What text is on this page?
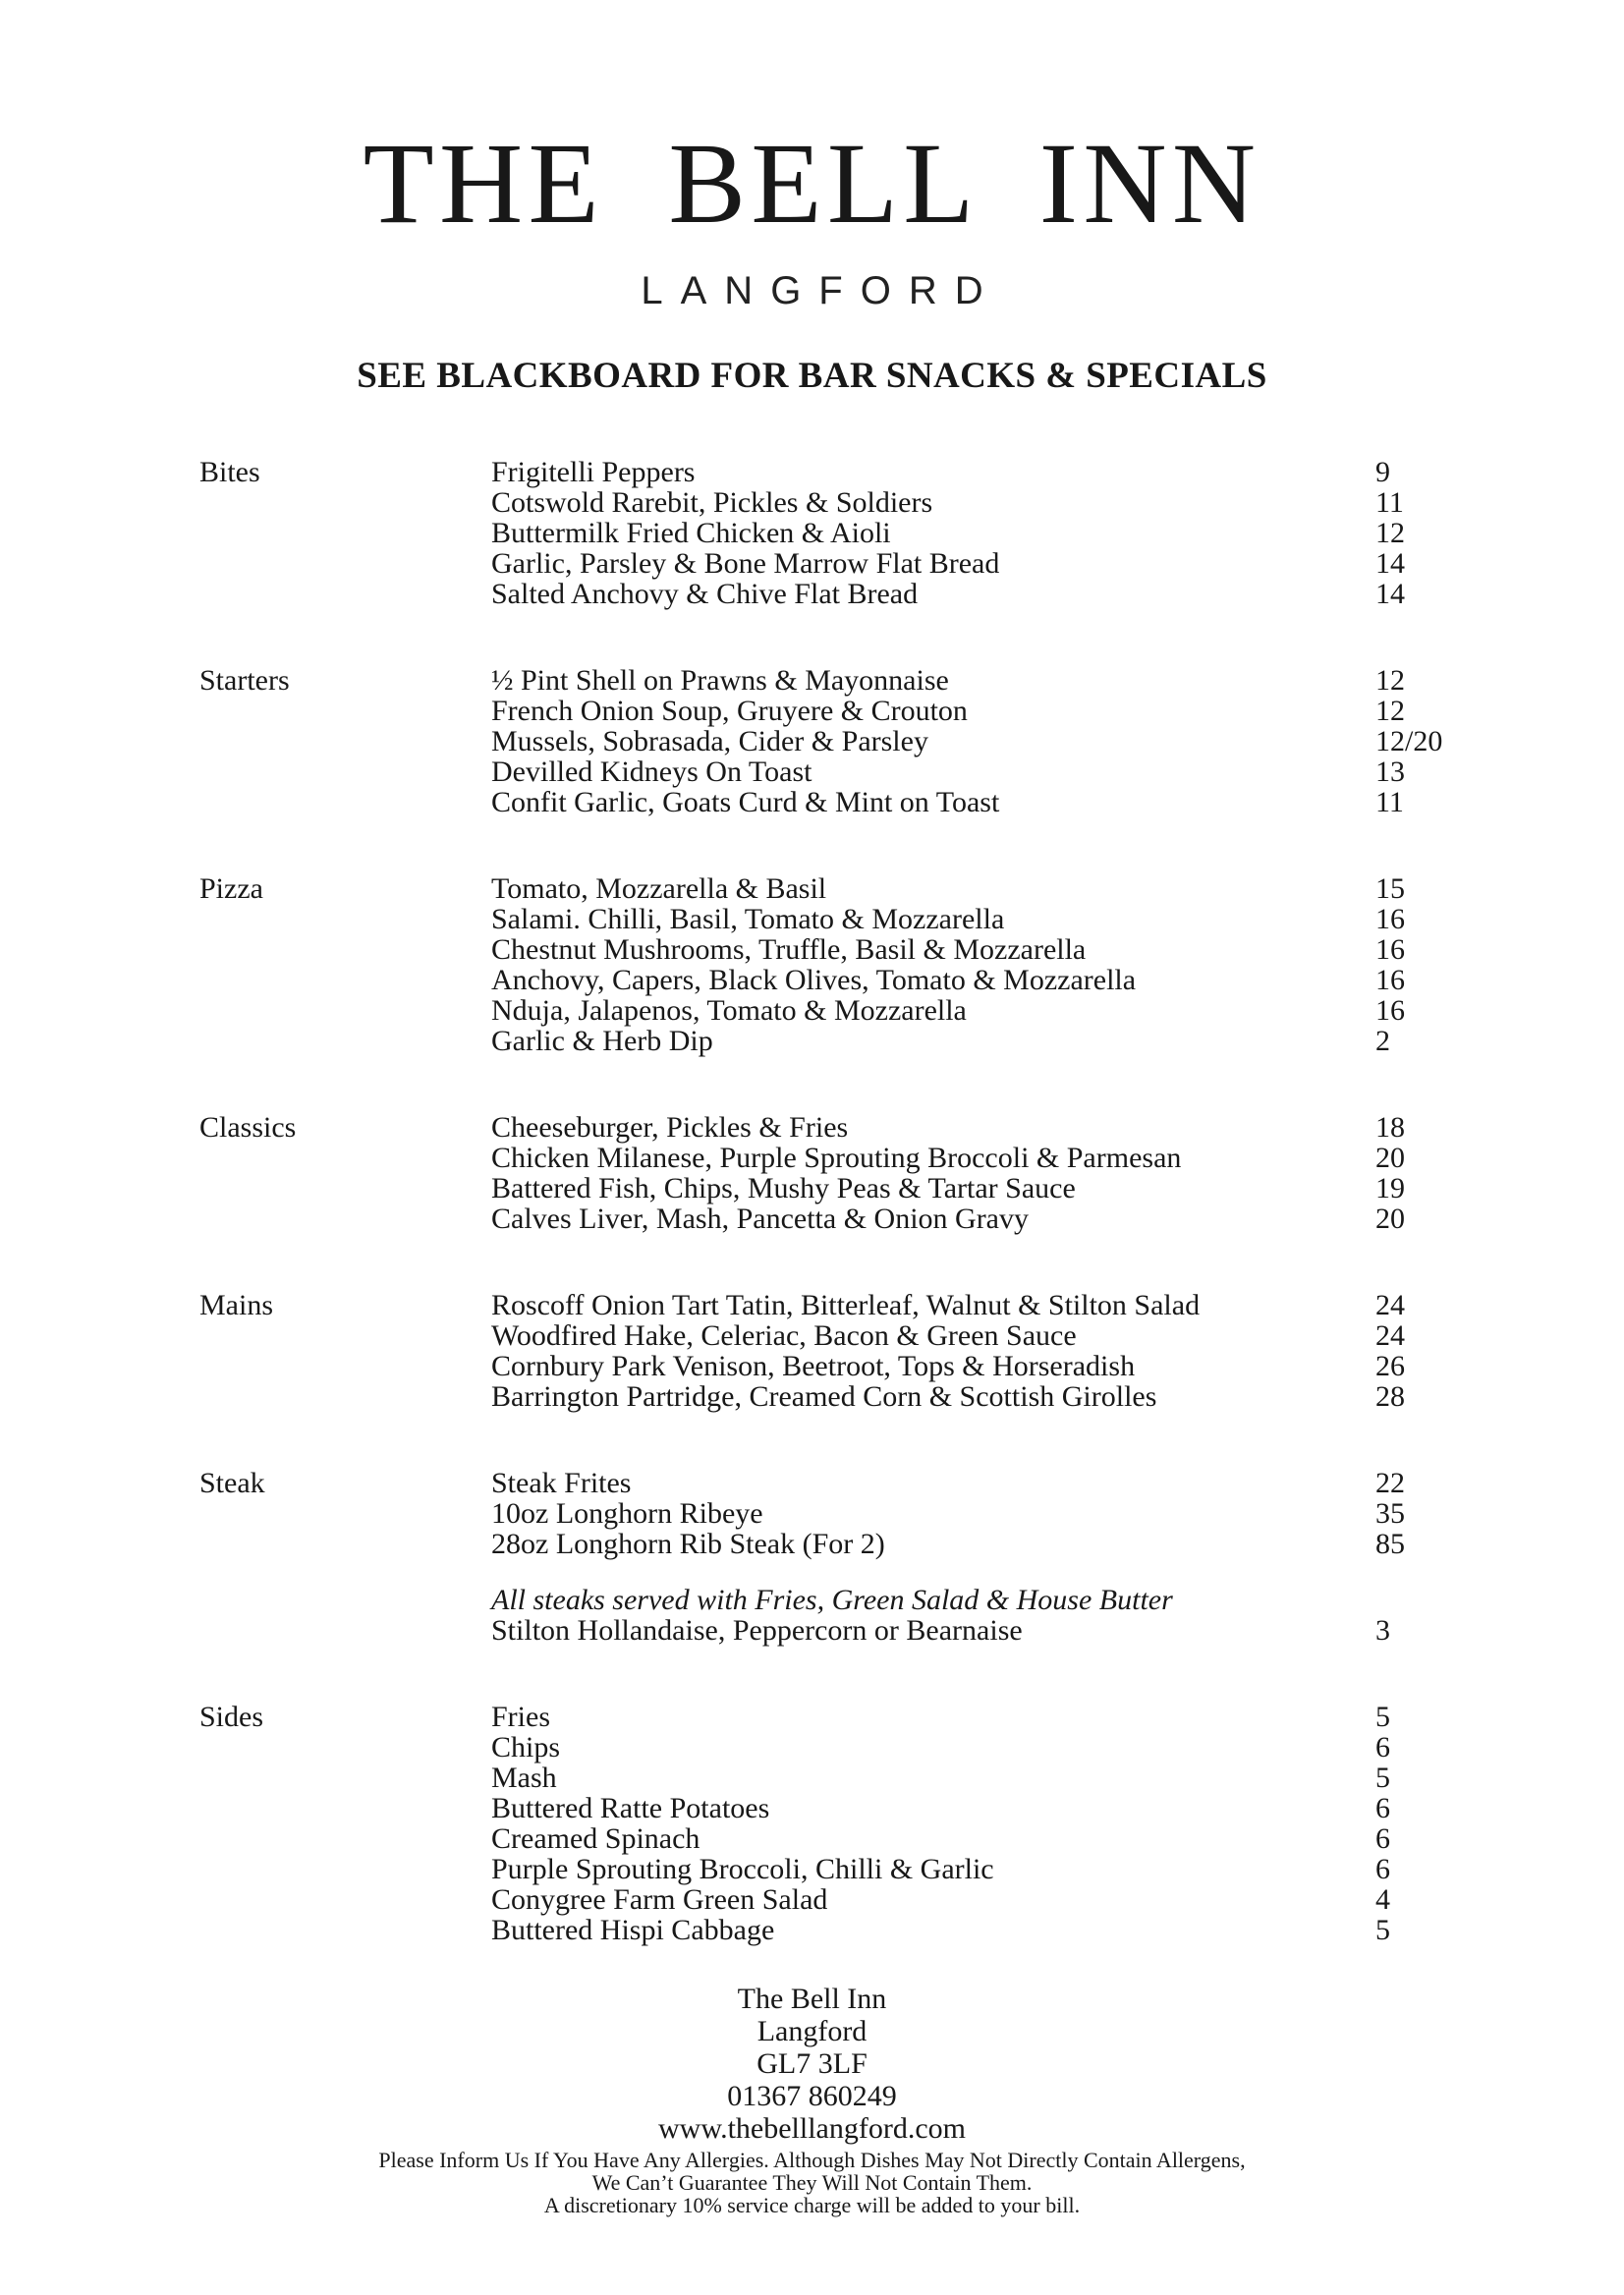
THE BELL INN
LANGFORD
SEE BLACKBOARD FOR BAR SNACKS & SPECIALS
Bites	Frigitelli Peppers	9
Cotswold Rarebit, Pickles & Soldiers	11
Buttermilk Fried Chicken & Aioli	12
Garlic, Parsley & Bone Marrow Flat Bread	14
Salted Anchovy & Chive Flat Bread	14
Starters	½ Pint Shell on Prawns & Mayonnaise	12
French Onion Soup, Gruyere & Crouton	12
Mussels, Sobrasada, Cider & Parsley	12/20
Devilled Kidneys On Toast	13
Confit Garlic, Goats Curd & Mint on Toast	11
Pizza	Tomato, Mozzarella & Basil	15
Salami. Chilli, Basil, Tomato & Mozzarella	16
Chestnut Mushrooms, Truffle, Basil & Mozzarella	16
Anchovy, Capers, Black Olives, Tomato & Mozzarella	16
Nduja, Jalapenos, Tomato & Mozzarella	16
Garlic & Herb Dip	2
Classics	Cheeseburger, Pickles & Fries	18
Chicken Milanese, Purple Sprouting Broccoli & Parmesan	20
Battered Fish, Chips, Mushy Peas & Tartar Sauce	19
Calves Liver, Mash, Pancetta & Onion Gravy	20
Mains	Roscoff Onion Tart Tatin, Bitterleaf, Walnut & Stilton Salad	24
Woodfired Hake, Celeriac, Bacon & Green Sauce	24
Cornbury Park Venison, Beetroot, Tops & Horseradish	26
Barrington Partridge, Creamed Corn & Scottish Girolles	28
Steak	Steak Frites	22
10oz Longhorn Ribeye	35
28oz Longhorn Rib Steak (For 2)	85
All steaks served with Fries, Green Salad & House Butter
Stilton Hollandaise, Peppercorn or Bearnaise	3
Sides	Fries	5
Chips	6
Mash	5
Buttered Ratte Potatoes	6
Creamed Spinach	6
Purple Sprouting Broccoli, Chilli & Garlic	6
Conygree Farm Green Salad	4
Buttered Hispi Cabbage	5
The Bell Inn
Langford
GL7 3LF
01367 860249
www.thebelllangford.com
Please Inform Us If You Have Any Allergies. Although Dishes May Not Directly Contain Allergens,
We Can’t Guarantee They Will Not Contain Them.
A discretionary 10% service charge will be added to your bill.
